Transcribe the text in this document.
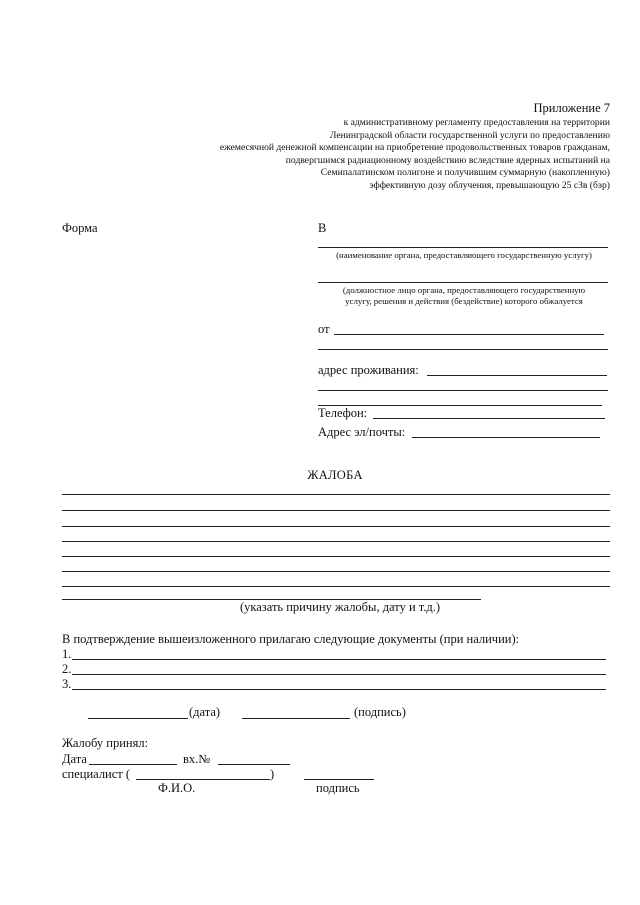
Приложение 7
к административному регламенту предоставления на территории
Ленинградской области государственной услуги по предоставлению
ежемесячной денежной компенсации на приобретение продовольственных товаров гражданам,
подвергшимся радиационному воздействию вследствие ядерных испытаний на
Семипалатинском полигоне и получившим суммарную (накопленную)
эффективную дозу облучения, превышающую 25 сЗв (бэр)
Форма	В
(наименование органа, предоставляющего государственную услугу)
(должностное лицо органа, предоставляющего государственную
услугу, решения и действия (бездействие) которого обжалуется
от
адрес проживания:
Телефон:
Адрес эл/почты:
ЖАЛОБА
(указать причину жалобы, дату и т.д.)
В подтверждение вышеизложенного прилагаю следующие документы (при наличии):
1.
2.
3.
(дата)	(подпись)
Жалобу принял:
Дата	вх.№
специалист (	)
Ф.И.О.	подпись
